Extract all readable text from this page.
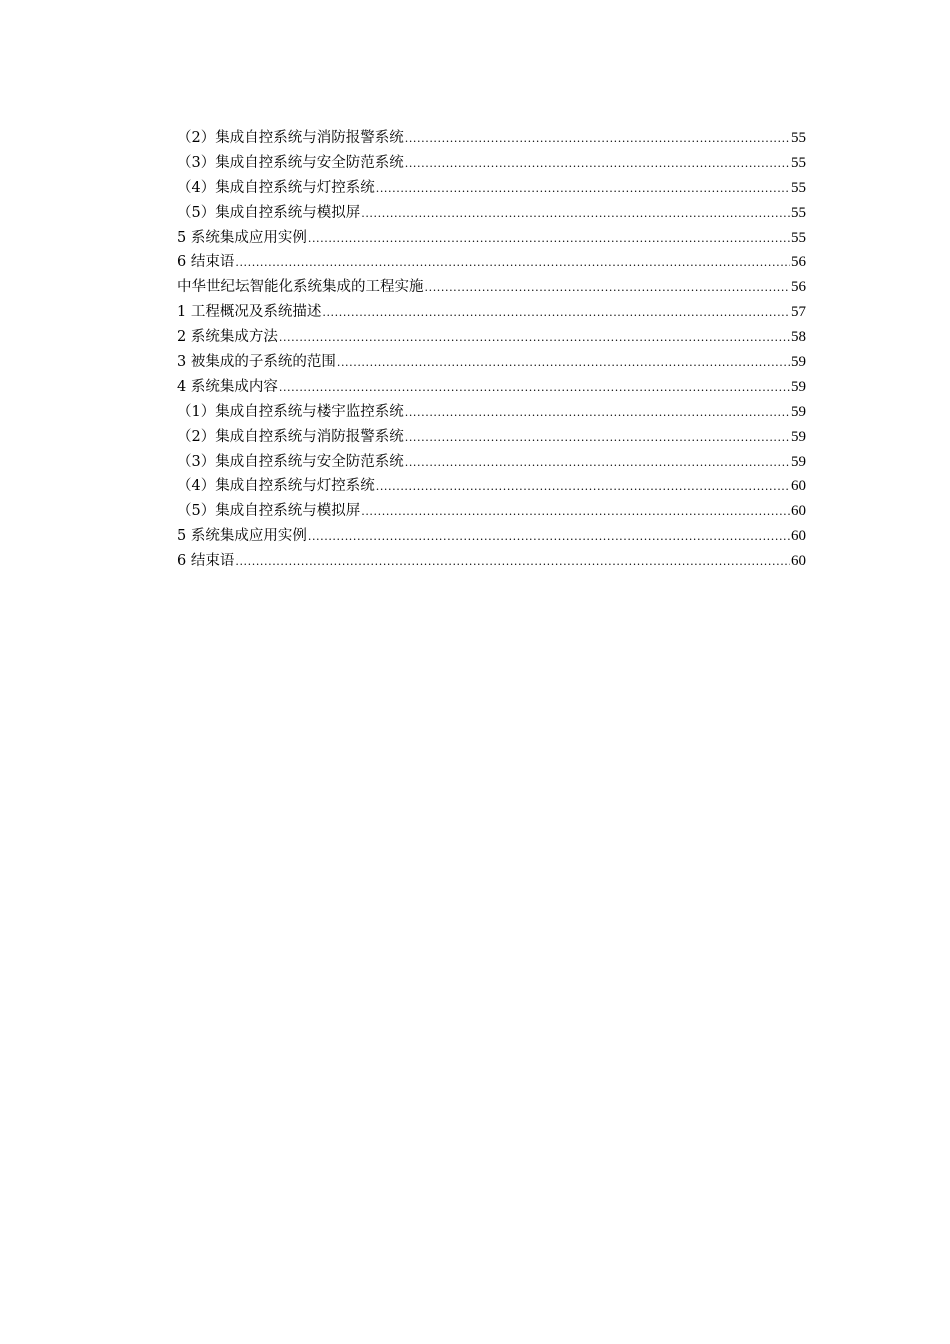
（2）集成自控系统与消防报警系统 .....	55
（3）集成自控系统与安全防范系统 .....	55
（4）集成自控系统与灯控系统 .....	55
（5）集成自控系统与模拟屏 .....	55
5 系统集成应用实例 .....	55
6 结束语 .....	56
中华世纪坛智能化系统集成的工程实施 .....	56
1 工程概况及系统描述 .....	57
2 系统集成方法 .....	58
3 被集成的子系统的范围 .....	59
4 系统集成内容 .....	59
（1）集成自控系统与楼宇监控系统 .....	59
（2）集成自控系统与消防报警系统 .....	59
（3）集成自控系统与安全防范系统 .....	59
（4）集成自控系统与灯控系统 .....	60
（5）集成自控系统与模拟屏 .....	60
5 系统集成应用实例 .....	60
6 结束语 .....	60
